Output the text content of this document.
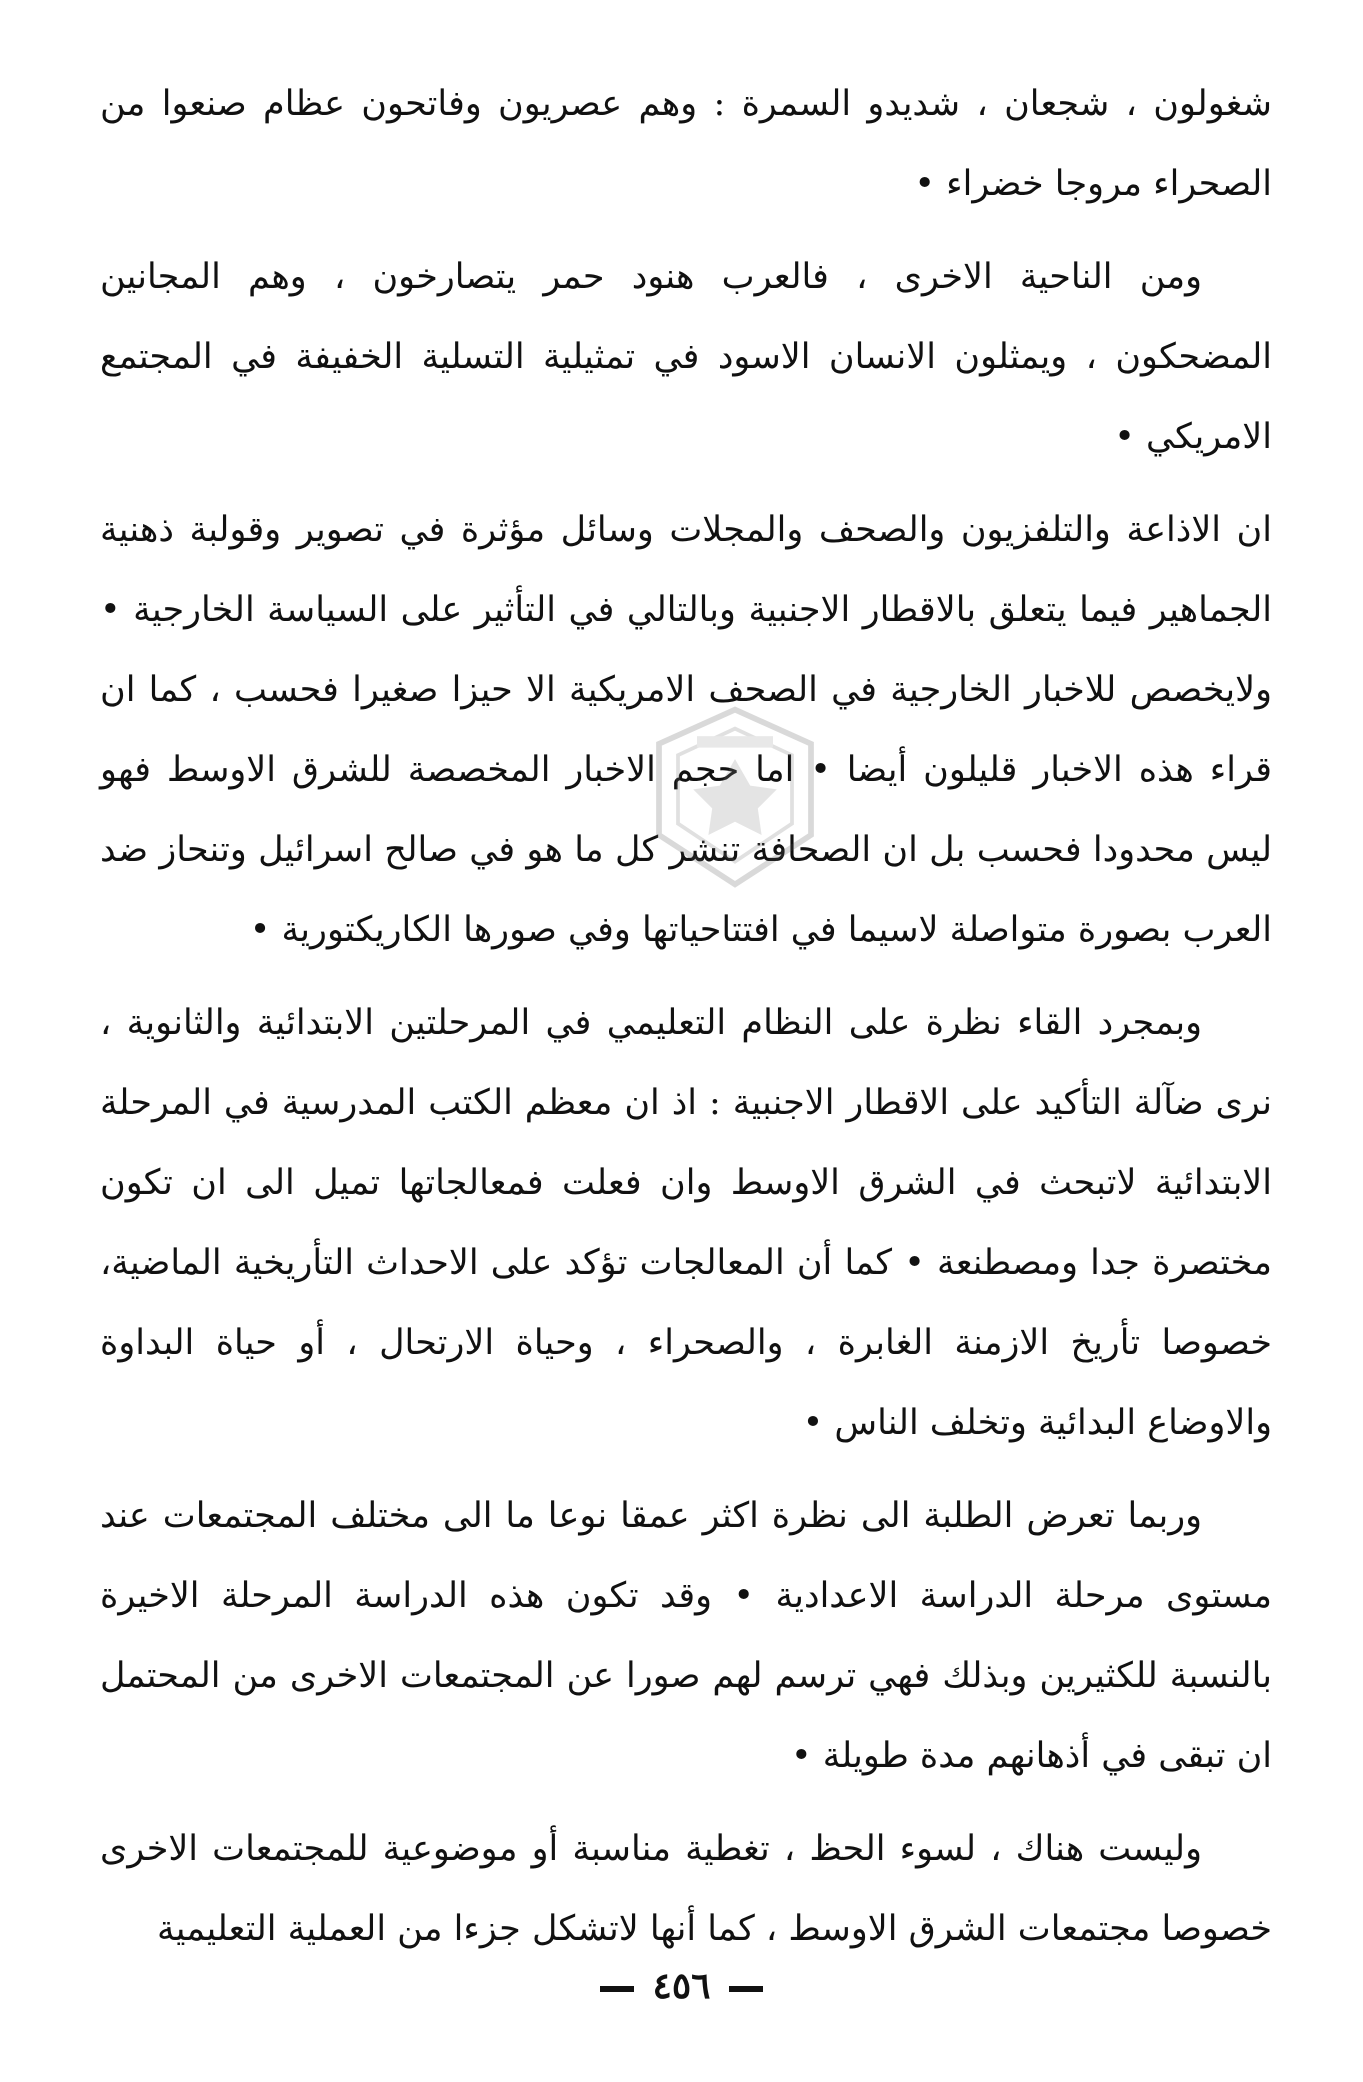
شغولون ، شجعان ، شديدو السمرة : وهم عصريون وفاتحون عظام صنعوا من الصحراء مروجا خضراء •

ومن الناحية الاخرى ، فالعرب هنود حمر يتصارخون ، وهم المجانين المضحكون ، ويمثلون الانسان الاسود في تمثيلية التسلية الخفيفة في المجتمع الامريكي •

ان الاذاعة والتلفزيون والصحف والمجلات وسائل مؤثرة في تصوير وقولبة ذهنية الجماهير فيما يتعلق بالاقطار الاجنبية وبالتالي في التأثير على السياسة الخارجية • ولايخصص للاخبار الخارجية في الصحف الامريكية الا حيزا صغيرا فحسب ، كما ان قراء هذه الاخبار قليلون أيضا • اما حجم الاخبار المخصصة للشرق الاوسط فهو ليس محدودا فحسب بل ان الصحافة تنشر كل ما هو في صالح اسرائيل وتنحاز ضد العرب بصورة متواصلة لاسيما في افتتاحياتها وفي صورها الكاريكتورية •

وبمجرد القاء نظرة على النظام التعليمي في المرحلتين الابتدائية والثانوية ، نرى ضآلة التأكيد على الاقطار الاجنبية : اذ ان معظم الكتب المدرسية في المرحلة الابتدائية لاتبحث في الشرق الاوسط وان فعلت فمعالجاتها تميل الى ان تكون مختصرة جدا ومصطنعة • كما أن المعالجات تؤكد على الاحداث التأريخية الماضية، خصوصا تأريخ الازمنة الغابرة ، والصحراء ، وحياة الارتحال ، أو حياة البداوة والاوضاع البدائية وتخلف الناس •

وربما تعرض الطلبة الى نظرة اكثر عمقا نوعا ما الى مختلف المجتمعات عند مستوى مرحلة الدراسة الاعدادية • وقد تكون هذه الدراسة المرحلة الاخيرة بالنسبة للكثيرين وبذلك فهي ترسم لهم صورا عن المجتمعات الاخرى من المحتمل ان تبقى في أذهانهم مدة طويلة •

وليست هناك ، لسوء الحظ ، تغطية مناسبة أو موضوعية للمجتمعات الاخرى خصوصا مجتمعات الشرق الاوسط ، كما أنها لاتشكل جزءا من العملية التعليمية

٤٥٦
